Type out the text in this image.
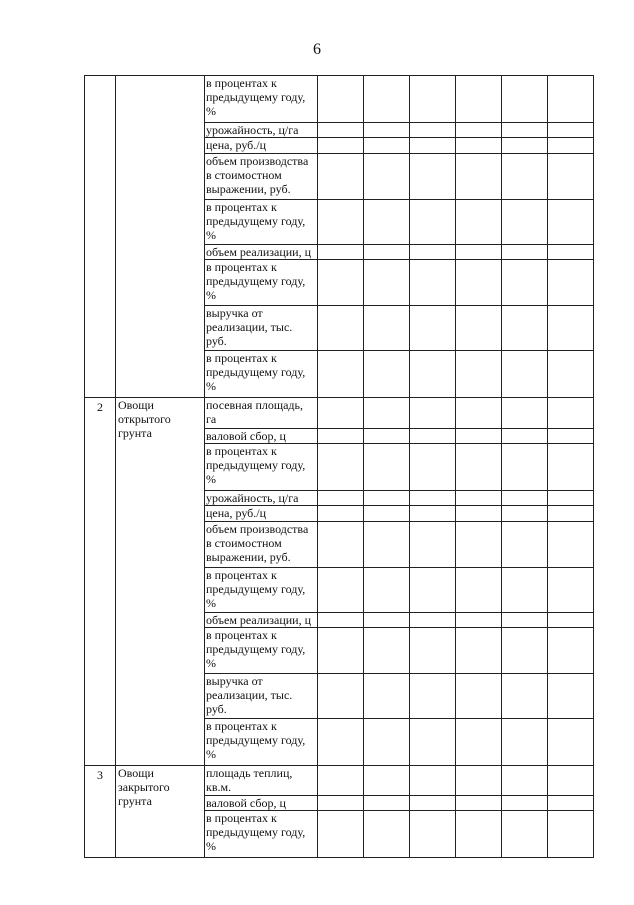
6
		в процентах к предыдущему году, %						
		урожайность, ц/га						
		цена, руб./ц						
		объем производства в стоимостном выражении, руб.						
		в процентах к предыдущему году, %						
		объем реализации, ц						
		в процентах к предыдущему году, %						
		выручка от реализации, тыс. руб.						
		в процентах к предыдущему году, %						
2	Овощи открытого грунта	посевная площадь, га						
		валовой сбор, ц						
		в процентах к предыдущему году, %						
		урожайность, ц/га						
		цена, руб./ц						
		объем производства в стоимостном выражении, руб.						
		в процентах к предыдущему году, %						
		объем реализации, ц						
		в процентах к предыдущему году, %						
		выручка от реализации, тыс. руб.						
		в процентах к предыдущему году, %						
3	Овощи закрытого грунта	площадь теплиц, кв.м.						
		валовой сбор, ц						
		в процентах к предыдущему году, %						
